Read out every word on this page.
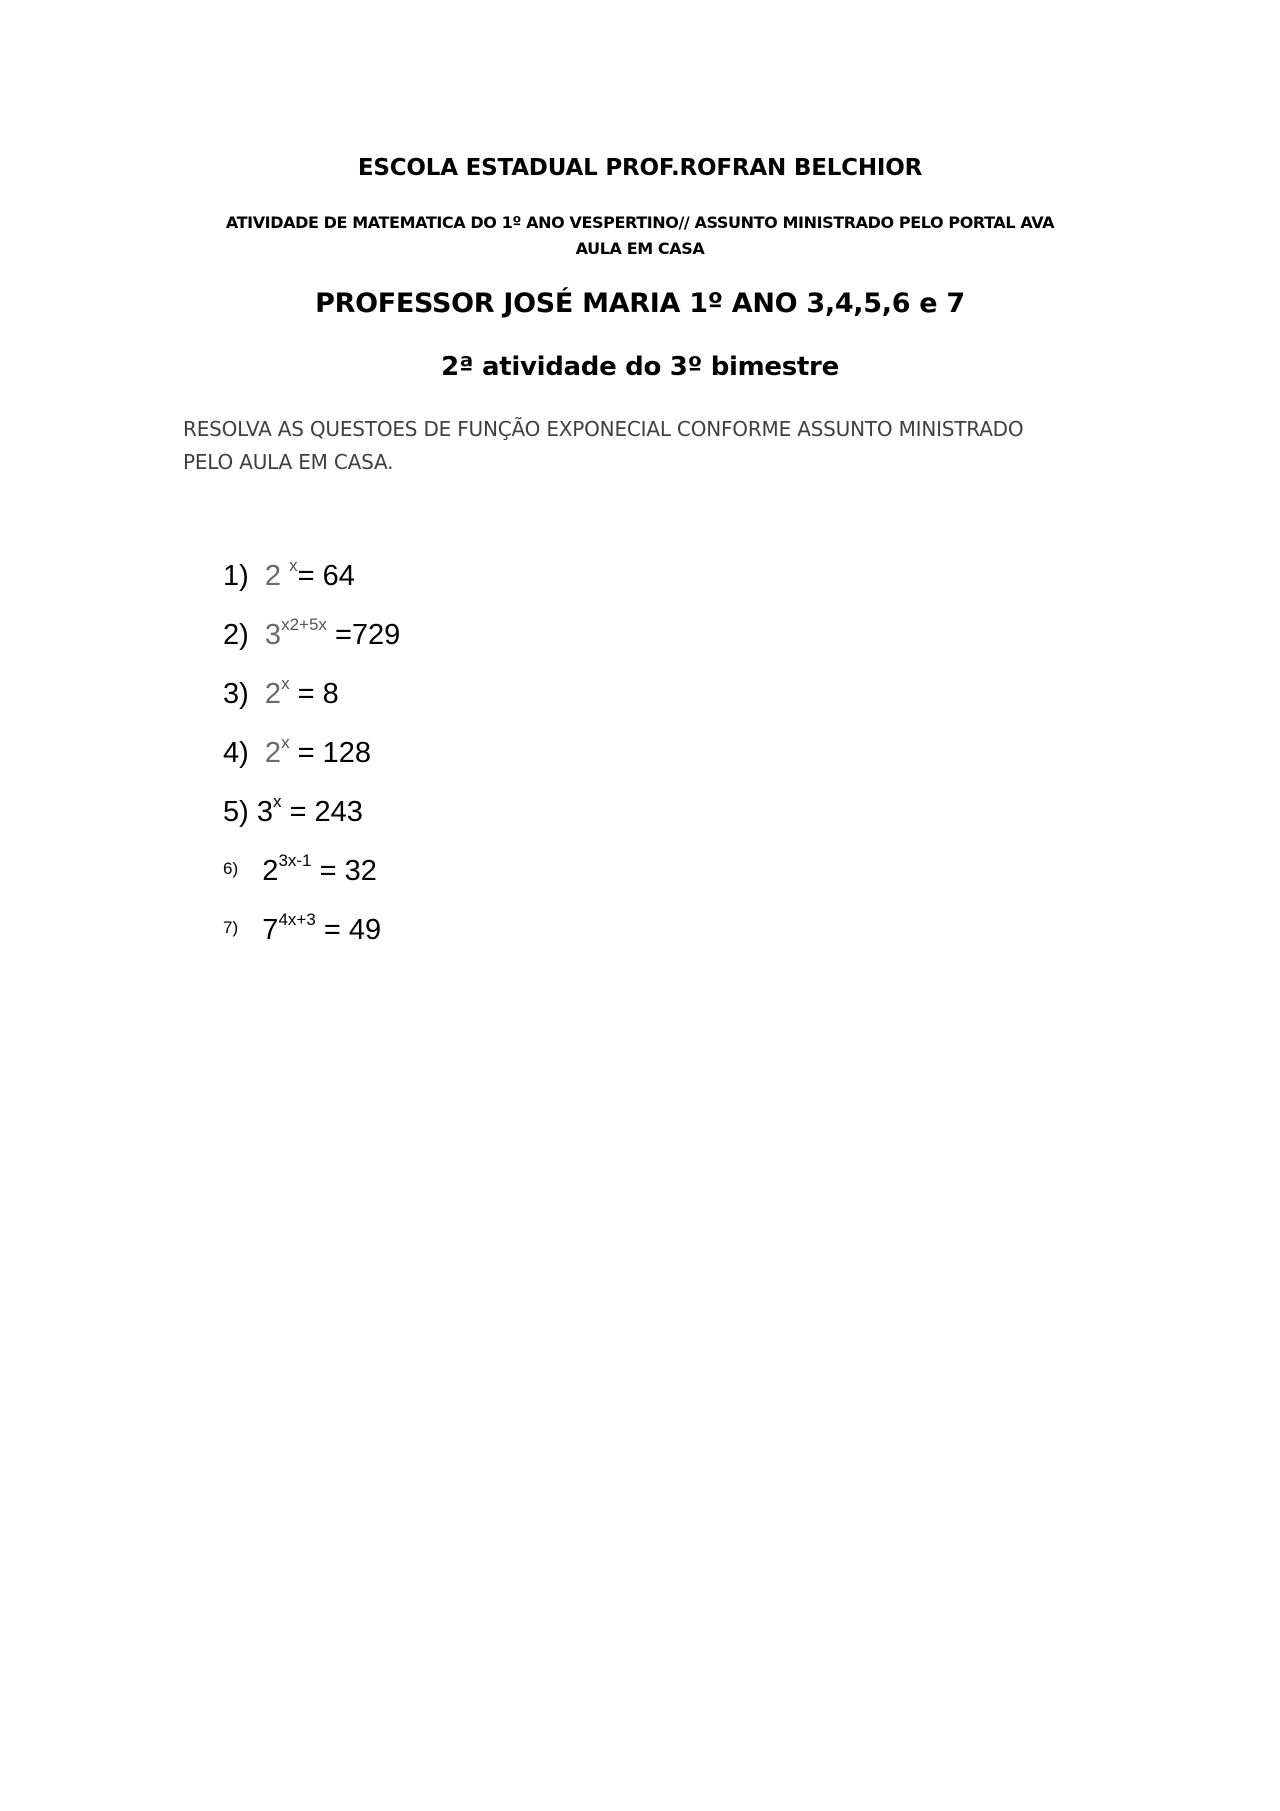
ESCOLA ESTADUAL PROF.ROFRAN BELCHIOR
ATIVIDADE DE MATEMATICA DO 1º ANO VESPERTINO// ASSUNTO MINISTRADO PELO PORTAL AVA
AULA EM CASA
PROFESSOR JOSÉ MARIA 1º ANO 3,4,5,6 e 7
2ª atividade do 3º bimestre
RESOLVA AS QUESTOES DE FUNÇÃO EXPONECIAL CONFORME ASSUNTO MINISTRADO
PELO AULA EM CASA.
1) 2 $^x$= 64
2) $3^{x2+5x} =729$
3) $2^x = 8$
4) $2^x = 128$
5) $3^x = 243$
$^{6)}$ $2^{3x-1} = 32$
$^{7)}$ $7^{4x+3} = 49$
